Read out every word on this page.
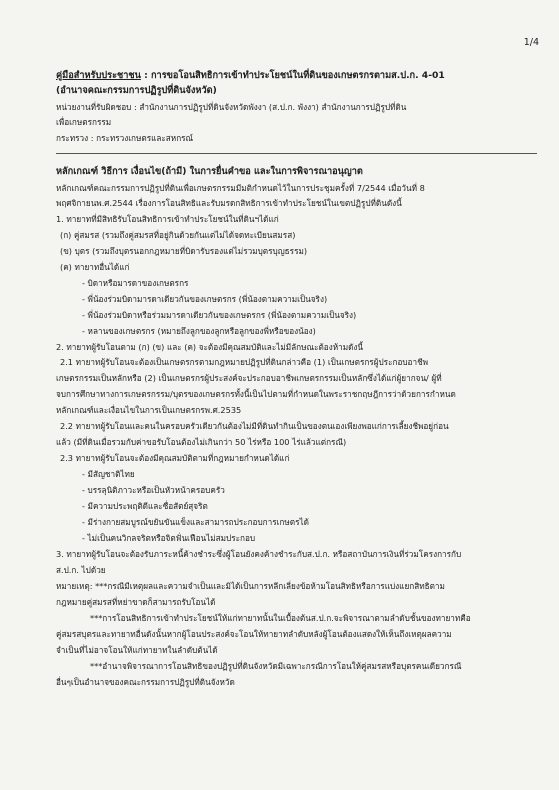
1/4
คู่มือสำหรับประชาชน : การขอโอนสิทธิการเข้าทำประโยชน์ในที่ดินของเกษตรกรตามส.ป.ก. 4-01
(อำนาจคณะกรรมการปฏิรูปที่ดินจังหวัด)
หน่วยงานที่รับผิดชอบ : สำนักงานการปฏิรูปที่ดินจังหวัดพังงา (ส.ป.ก. พังงา) สำนักงานการปฏิรูปที่ดิน
เพื่อเกษตรกรรม
กระทรวง : กระทรวงเกษตรและสหกรณ์
หลักเกณฑ์ วิธีการ เงื่อนไข(ถ้ามี) ในการยื่นคำขอ และในการพิจารณาอนุญาต
หลักเกณฑ์คณะกรรมการปฏิรูปที่ดินเพื่อเกษตรกรรมมีมติกำหนดไว้ในการประชุมครั้งที่ 7/2544 เมื่อวันที่ 8
พฤศจิกายนพ.ศ.2544 เรื่องการโอนสิทธิและรับมรดกสิทธิการเข้าทำประโยชน์ในเขตปฏิรูปที่ดินดังนี้
1. ทายาทที่มีสิทธิรับโอนสิทธิการเข้าทำประโยชน์ในที่ดินฯได้แก่
(ก) คู่สมรส (รวมถึงคู่สมรสที่อยู่กินด้วยกันแต่ไม่ได้จดทะเบียนสมรส)
(ข) บุตร (รวมถึงบุตรนอกกฎหมายที่บิดารับรองแต่ไม่รวมบุตรบุญธรรม)
(ค) ทายาทอื่นได้แก่
- บิดาหรือมารดาของเกษตรกร
- พี่น้องร่วมบิดามารดาเดียวกันของเกษตรกร (พี่น้องตามความเป็นจริง)
- พี่น้องร่วมบิดาหรือร่วมมารดาเดียวกันของเกษตรกร (พี่น้องตามความเป็นจริง)
- หลานของเกษตรกร (หมายถึงลูกของลูกหรือลูกของพี่หรือของน้อง)
2. ทายาทผู้รับโอนตาม (ก) (ข) และ (ค) จะต้องมีคุณสมบัติและไม่มีลักษณะต้องห้ามดังนี้
2.1 ทายาทผู้รับโอนจะต้องเป็นเกษตรกรตามกฎหมายปฏิรูปที่ดินกล่าวคือ (1) เป็นเกษตรกรผู้ประกอบอาชีพ
เกษตรกรรมเป็นหลักหรือ (2) เป็นเกษตรกรผู้ประสงค์จะประกอบอาชีพเกษตรกรรมเป็นหลักซึ่งได้แก่ผู้ยากจน/ ผู้ที่
จบการศึกษาทางการเกษตรกรรม/บุตรของเกษตรกรทั้งนี้เป็นไปตามที่กำหนดในพระราชกฤษฎีการว่าด้วยการกำหนด
หลักเกณฑ์และเงื่อนไขในการเป็นเกษตรกรพ.ศ.2535
2.2 ทายาทผู้รับโอนและคนในครอบครัวเดียวกันต้องไม่มีที่ดินทำกินเป็นของตนเองเพียงพอแก่การเลี้ยงชีพอยู่ก่อน
แล้ว (มีที่ดินเมื่อรวมกับค่าขอรับโอนต้องไม่เกินกว่า 50 ไร่หรือ 100 ไร่แล้วแต่กรณี)
2.3 ทายาทผู้รับโอนจะต้องมีคุณสมบัติตามที่กฎหมายกำหนดได้แก่
- มีสัญชาติไทย
- บรรลุนิติภาวะหรือเป็นหัวหน้าครอบครัว
- มีความประพฤติดีและซื่อสัตย์สุจริต
- มีร่างกายสมบูรณ์ขยันขันแข็งและสามารถประกอบการเกษตรได้
- ไม่เป็นคนวิกลจริตหรือจิตฟั่นเฟือนไม่สมประกอบ
3. ทายาทผู้รับโอนจะต้องรับภาระหนี้ค้างชำระซึ่งผู้โอนยังคงค้างชำระกับส.ป.ก. หรือสถาบันการเงินที่ร่วมโครงการกับ
ส.ป.ก. ไปด้วย
หมายเหตุ: ***กรณีมีเหตุผลและความจำเป็นและมิได้เป็นการหลีกเลี่ยงข้อห้ามโอนสิทธิหรือการแบ่งแยกสิทธิตาม
กฎหมายคู่สมรสที่หย่าขาดก็สามารถรับโอนได้
***การโอนสิทธิการเข้าทำประโยชน์ให้แก่ทายาทนั้นในเบื้องต้นส.ป.ก.จะพิจารณาตามลำดับชั้นของทายาทคือ
คู่สมรสบุตรและทายาทอื่นดังนั้นหากผู้โอนประสงค์จะโอนให้ทายาทลำดับหลังผู้โอนต้องแสดงให้เห็นถึงเหตุผลความ
จำเป็นที่ไม่อาจโอนให้แก่ทายาทในลำดับต้นได้
***อำนาจพิจารณาการโอนสิทธิของปฏิรูปที่ดินจังหวัดมีเฉพาะกรณีการโอนให้คู่สมรสหรือบุตรคนเดียวกรณี
อื่นๆเป็นอำนาจของคณะกรรมการปฏิรูปที่ดินจังหวัด
